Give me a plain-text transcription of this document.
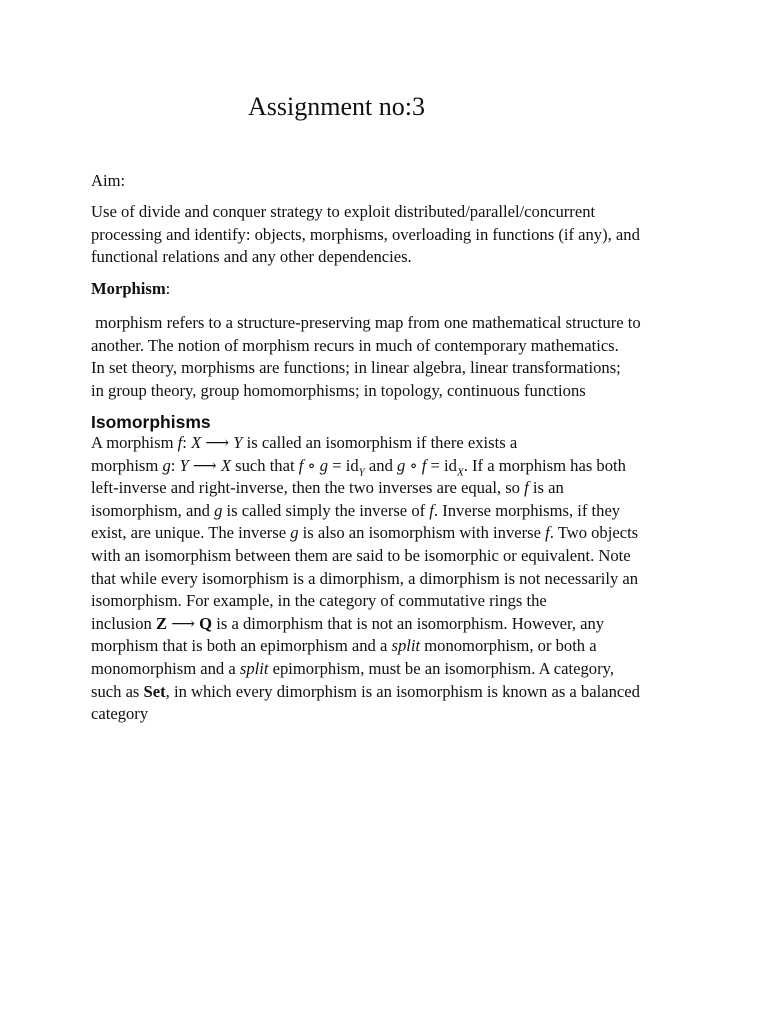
Assignment no:3
Aim:
Use of divide and conquer strategy to exploit distributed/parallel/concurrent
processing and identify: objects, morphisms, overloading in functions (if any), and
functional relations and any other dependencies.
Morphism:
morphism refers to a structure-preserving map from one mathematical structure to
another. The notion of morphism recurs in much of contemporary mathematics.
In set theory, morphisms are functions; in linear algebra, linear transformations;
in group theory, group homomorphisms; in topology, continuous functions
Isomorphisms
A morphism f: X ⟶ Y is called an isomorphism if there exists a
morphism g: Y ⟶ X such that f ∘ $g = id_Y$ and g ∘ $f = id_X$. If a morphism has both
left-inverse and right-inverse, then the two inverses are equal, so f is an
isomorphism, and g is called simply the inverse of f. Inverse morphisms, if they
exist, are unique. The inverse g is also an isomorphism with inverse f. Two objects
with an isomorphism between them are said to be isomorphic or equivalent. Note
that while every isomorphism is a dimorphism, a dimorphism is not necessarily an
isomorphism. For example, in the category of commutative rings the
inclusion Z ⟶ Q is a dimorphism that is not an isomorphism. However, any
morphism that is both an epimorphism and a split monomorphism, or both a
monomorphism and a split epimorphism, must be an isomorphism. A category,
such as Set, in which every dimorphism is an isomorphism is known as a balanced
category
